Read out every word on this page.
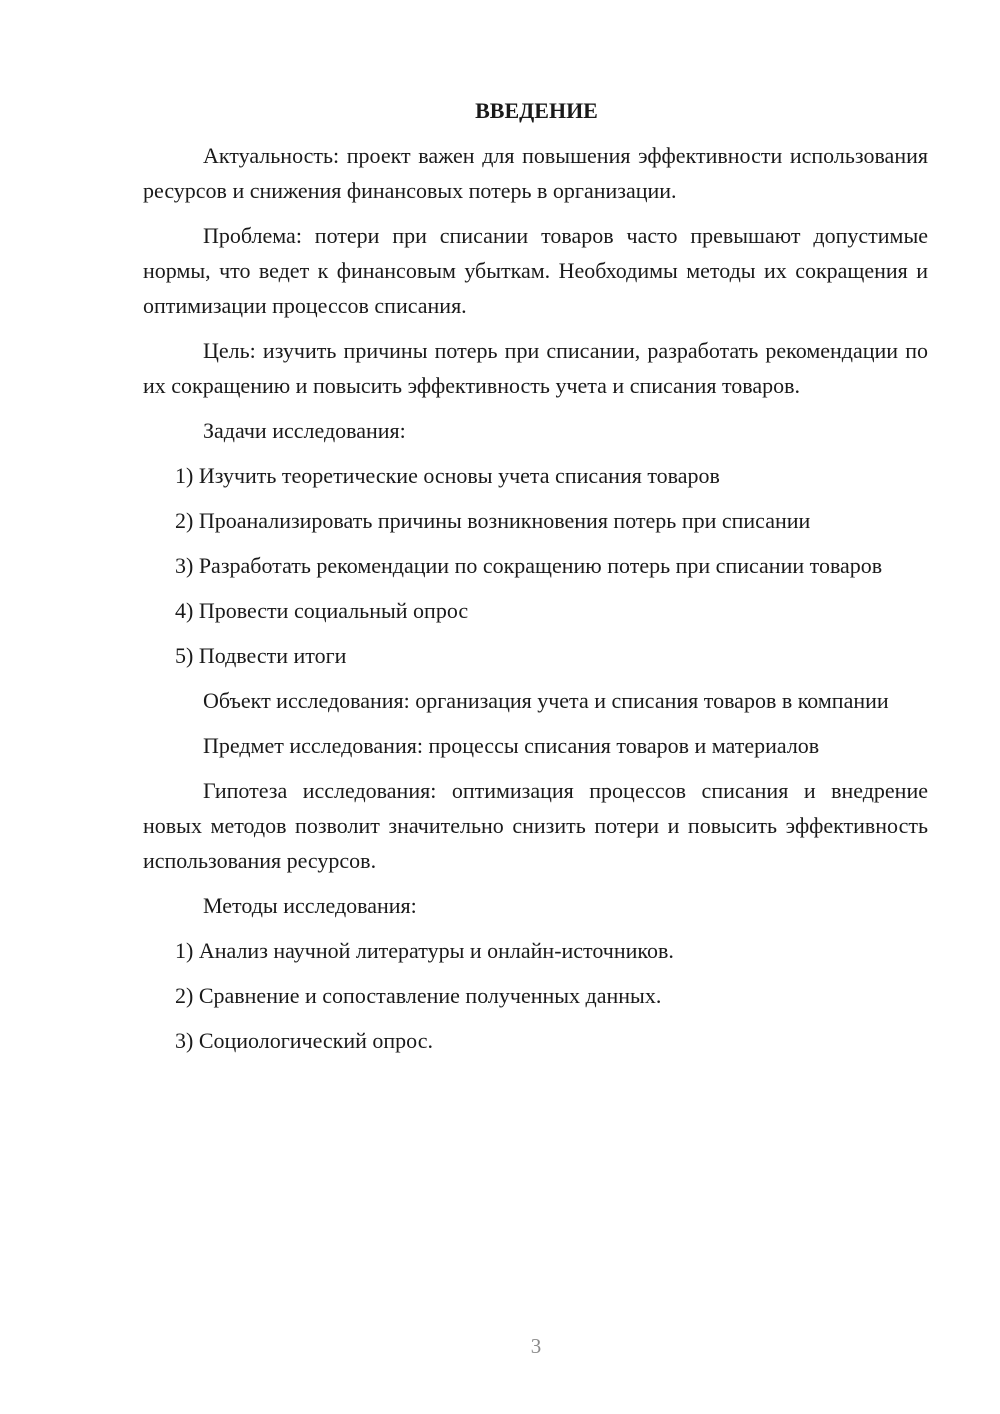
ВВЕДЕНИЕ

Актуальность: проект важен для повышения эффективности использования ресурсов и снижения финансовых потерь в организации.

Проблема: потери при списании товаров часто превышают допустимые нормы, что ведет к финансовым убыткам. Необходимы методы их сокращения и оптимизации процессов списания.

Цель: изучить причины потерь при списании, разработать рекомендации по их сокращению и повысить эффективность учета и списания товаров.

Задачи исследования:

1) Изучить теоретические основы учета списания товаров

2) Проанализировать причины возникновения потерь при списании

3) Разработать рекомендации по сокращению потерь при списании товаров

4) Провести социальный опрос

5) Подвести итоги

Объект исследования: организация учета и списания товаров в компании

Предмет исследования: процессы списания товаров и материалов

Гипотеза исследования: оптимизация процессов списания и внедрение новых методов позволит значительно снизить потери и повысить эффективность использования ресурсов.

Методы исследования:

1) Анализ научной литературы и онлайн-источников.

2) Сравнение и сопоставление полученных данных.

3) Социологический опрос.

3
